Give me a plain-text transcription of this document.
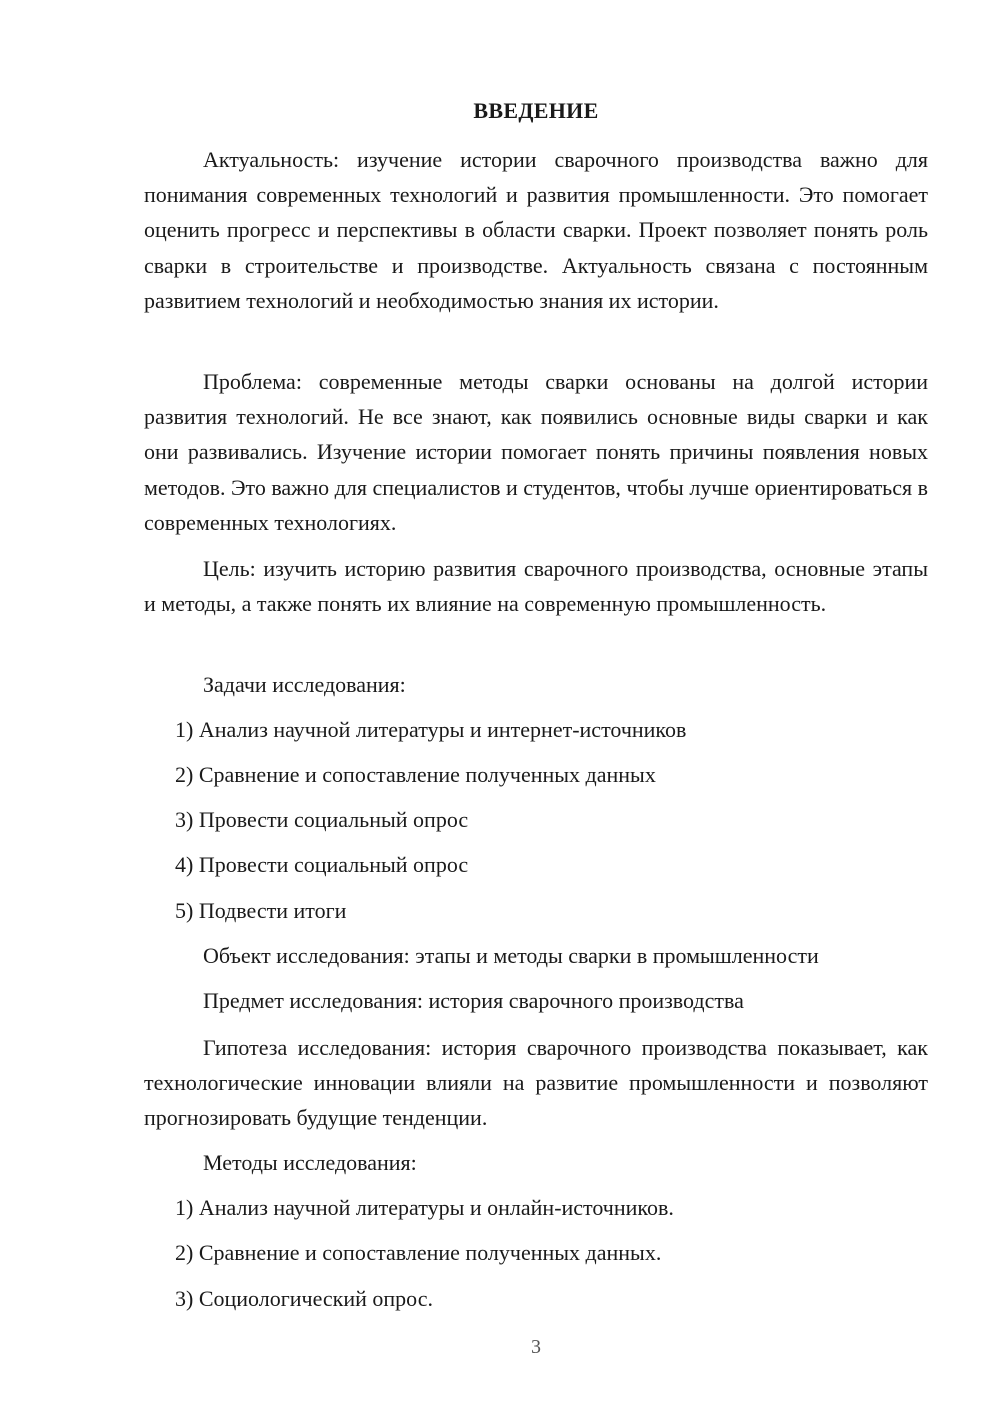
ВВЕДЕНИЕ

Актуальность: изучение истории сварочного производства важно для понимания современных технологий и развития промышленности. Это помогает оценить прогресс и перспективы в области сварки. Проект позволяет понять роль сварки в строительстве и производстве. Актуальность связана с постоянным развитием технологий и необходимостью знания их истории.

Проблема: современные методы сварки основаны на долгой истории развития технологий. Не все знают, как появились основные виды сварки и как они развивались. Изучение истории помогает понять причины появления новых методов. Это важно для специалистов и студентов, чтобы лучше ориентироваться в современных технологиях.

Цель: изучить историю развития сварочного производства, основные этапы и методы, а также понять их влияние на современную промышленность.

Задачи исследования:

1) Анализ научной литературы и интернет-источников

2) Сравнение и сопоставление полученных данных

3) Провести социальный опрос

4) Провести социальный опрос

5) Подвести итоги

Объект исследования: этапы и методы сварки в промышленности

Предмет исследования: история сварочного производства

Гипотеза исследования: история сварочного производства показывает, как технологические инновации влияли на развитие промышленности и позволяют прогнозировать будущие тенденции.

Методы исследования:

1) Анализ научной литературы и онлайн-источников.

2) Сравнение и сопоставление полученных данных.

3) Социологический опрос.

3
